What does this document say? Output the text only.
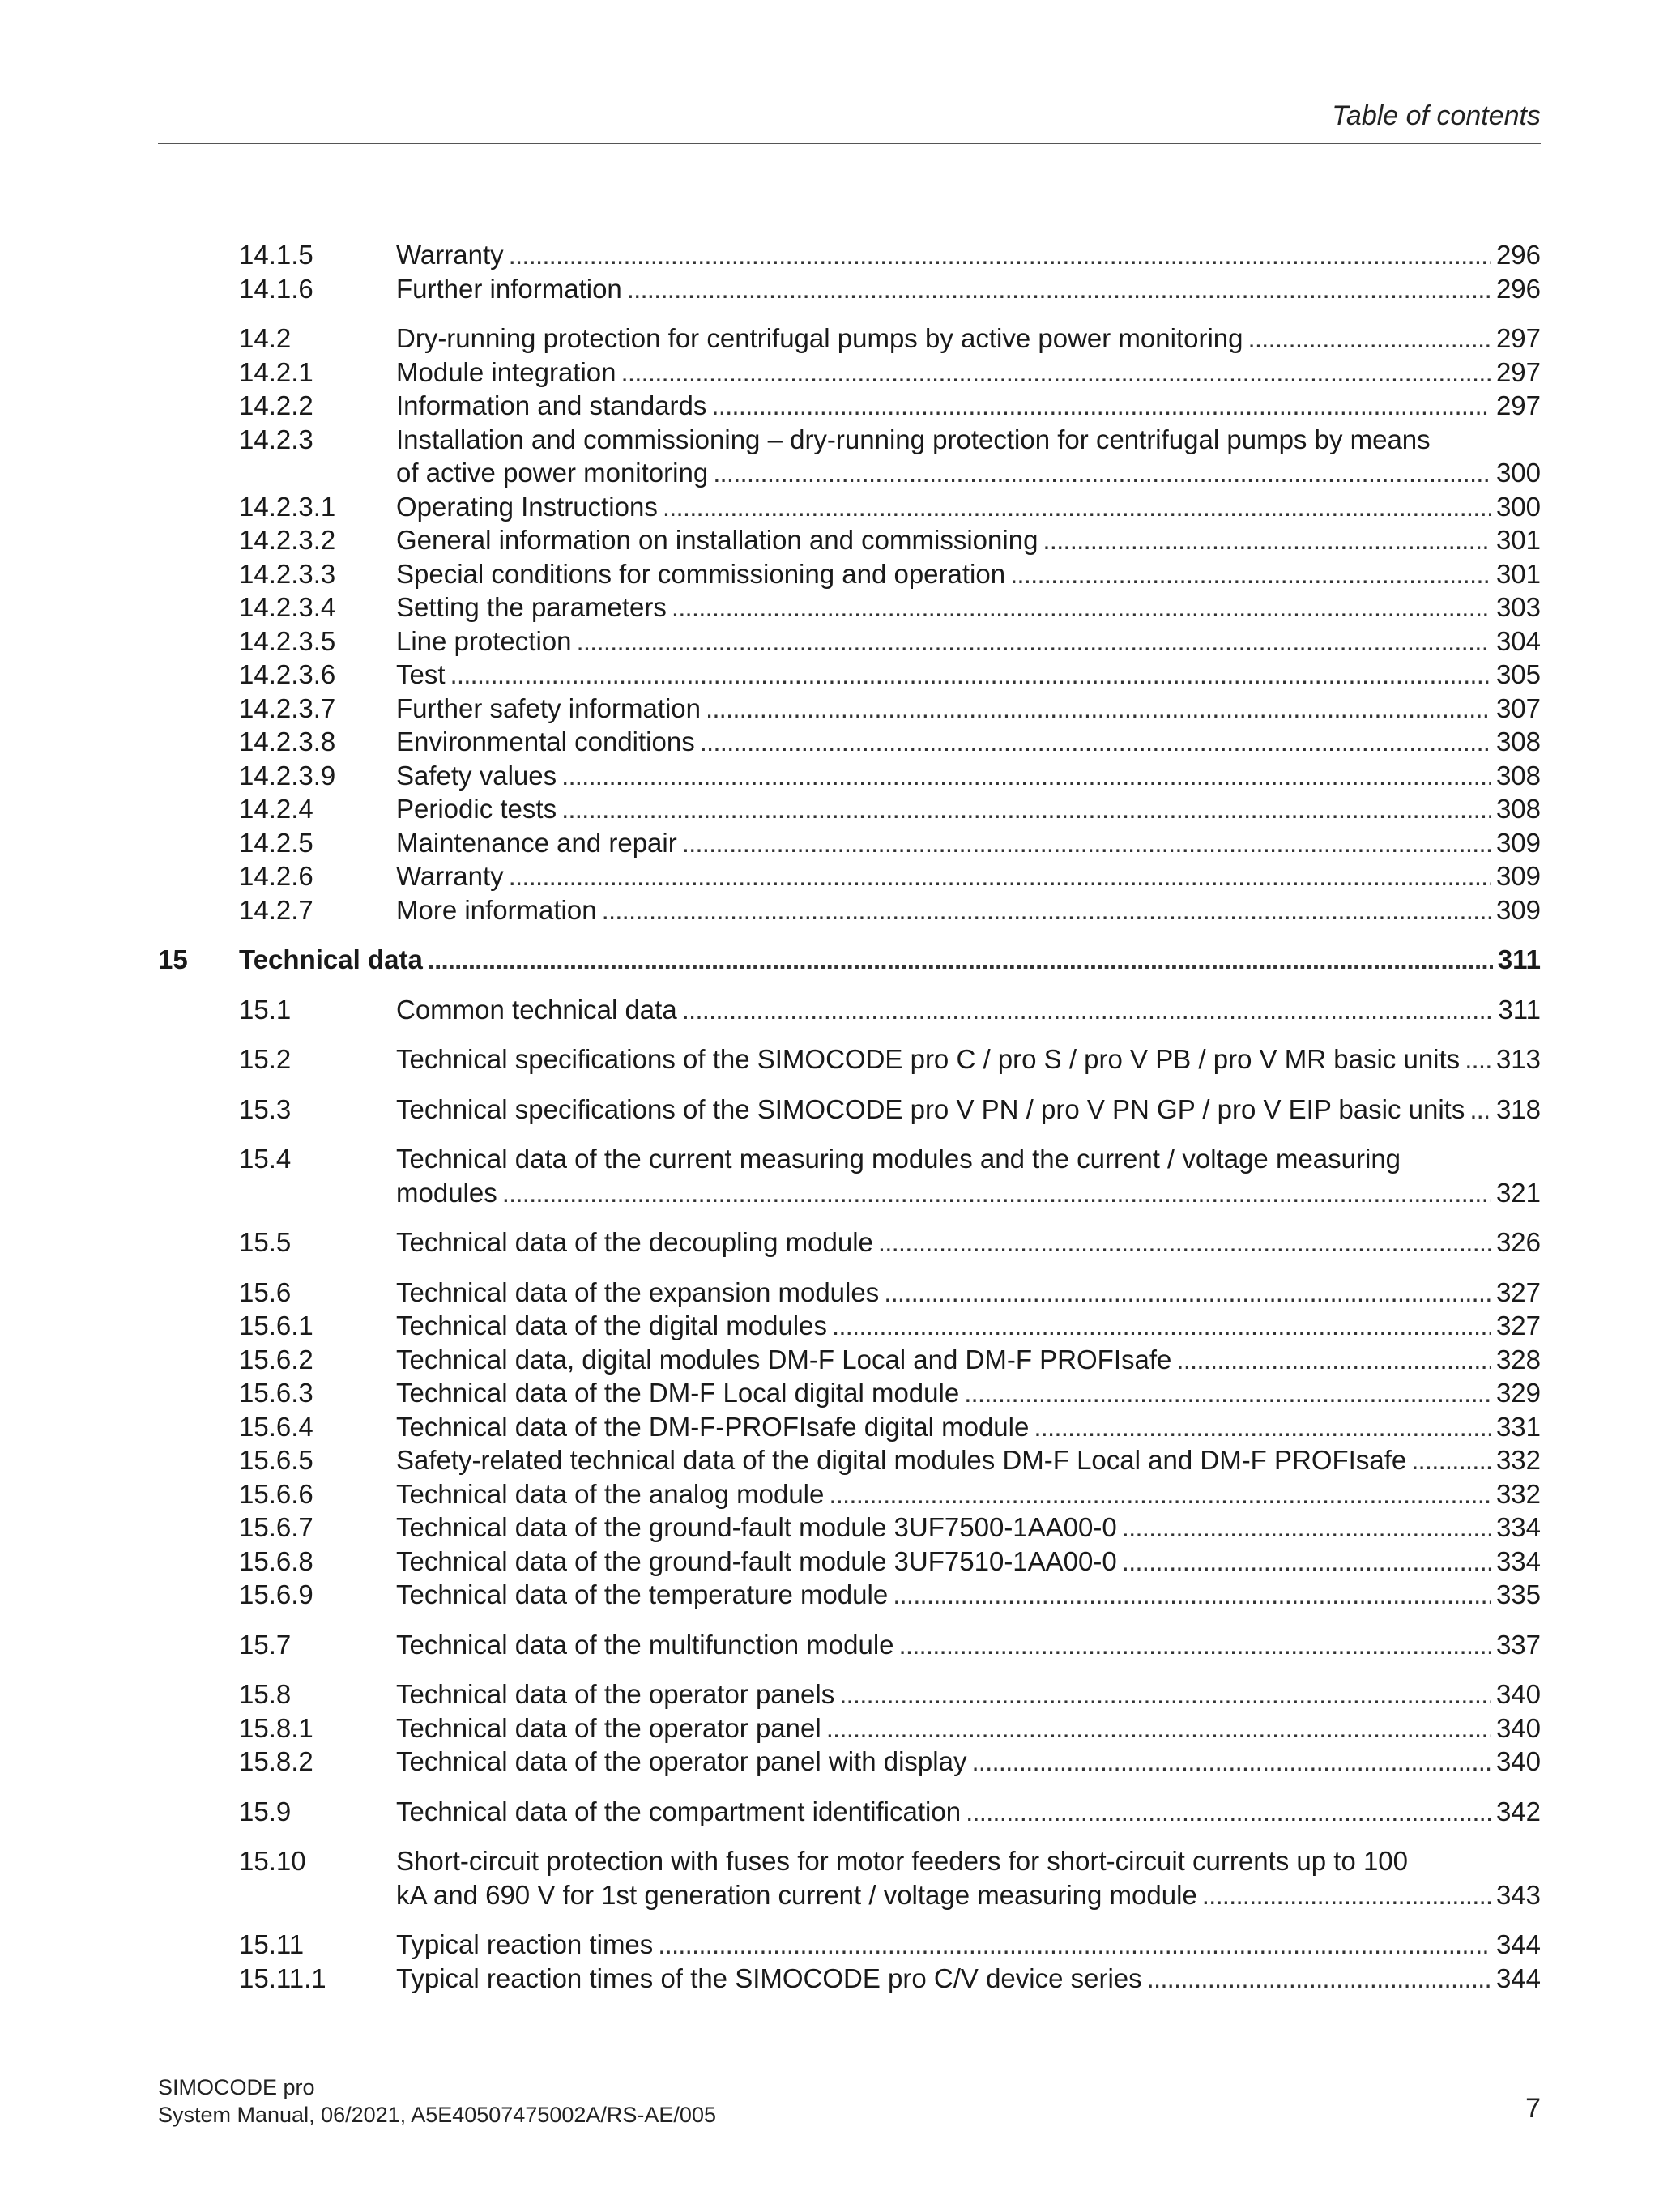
Table of contents
14.1.5	Warranty . . .	296
14.1.6	Further information . . .	296
14.2	Dry-running protection for centrifugal pumps by active power monitoring . . .	297
14.2.1	Module integration . . .	297
14.2.2	Information and standards . . .	297
14.2.3	Installation and commissioning – dry-running protection for centrifugal pumps by means
of active power monitoring . . .	300
14.2.3.1 Operating Instructions . . .	300
14.2.3.2 General information on installation and commissioning . . .	301
14.2.3.3 Special conditions for commissioning and operation . . .	301
14.2.3.4 Setting the parameters . . .	303
14.2.3.5 Line protection . . .	304
14.2.3.6 Test . . .	305
14.2.3.7 Further safety information . . .	307
14.2.3.8 Environmental conditions . . .	308
14.2.3.9 Safety values . . .	308
14.2.4	Periodic tests . . .	308
14.2.5	Maintenance and repair . . .	309
14.2.6	Warranty . . .	309
14.2.7	More information . . .	309
15 Technical data . . .	311
15.1	Common technical data . . .	311
15.2	Technical specifications of the SIMOCODE pro C / pro S / pro V PB / pro V MR basic units . . . 313
15.3	Technical specifications of the SIMOCODE pro V PN / pro V PN GP / pro V EIP basic units . . . 318
15.4	Technical data of the current measuring modules and the current / voltage measuring
modules . . .	321
15.5	Technical data of the decoupling module . . .	326
15.6	Technical data of the expansion modules . . .	327
15.6.1	Technical data of the digital modules . . .	327
15.6.2	Technical data, digital modules DM-F Local and DM-F PROFIsafe . . .	328
15.6.3	Technical data of the DM-F Local digital module . . .	329
15.6.4	Technical data of the DM-F-PROFIsafe digital module . . .	331
15.6.5	Safety-related technical data of the digital modules DM-F Local and DM-F PROFIsafe . . .	332
15.6.6	Technical data of the analog module . . .	332
15.6.7	Technical data of the ground-fault module 3UF7500-1AA00-0 . . .	334
15.6.8	Technical data of the ground-fault module 3UF7510-1AA00-0 . . .	334
15.6.9	Technical data of the temperature module . . .	335
15.7	Technical data of the multifunction module . . .	337
15.8	Technical data of the operator panels . . .	340
15.8.1	Technical data of the operator panel . . .	340
15.8.2	Technical data of the operator panel with display . . .	340
15.9	Technical data of the compartment identification . . .	342
15.10	Short-circuit protection with fuses for motor feeders for short-circuit currents up to 100
kA and 690 V for 1st generation current / voltage measuring module . . .	343
15.11	Typical reaction times . . .	344
15.11.1	Typical reaction times of the SIMOCODE pro C/V device series . . .	344
SIMOCODE pro
System Manual, 06/2021, A5E40507475002A/RS-AE/005	7
